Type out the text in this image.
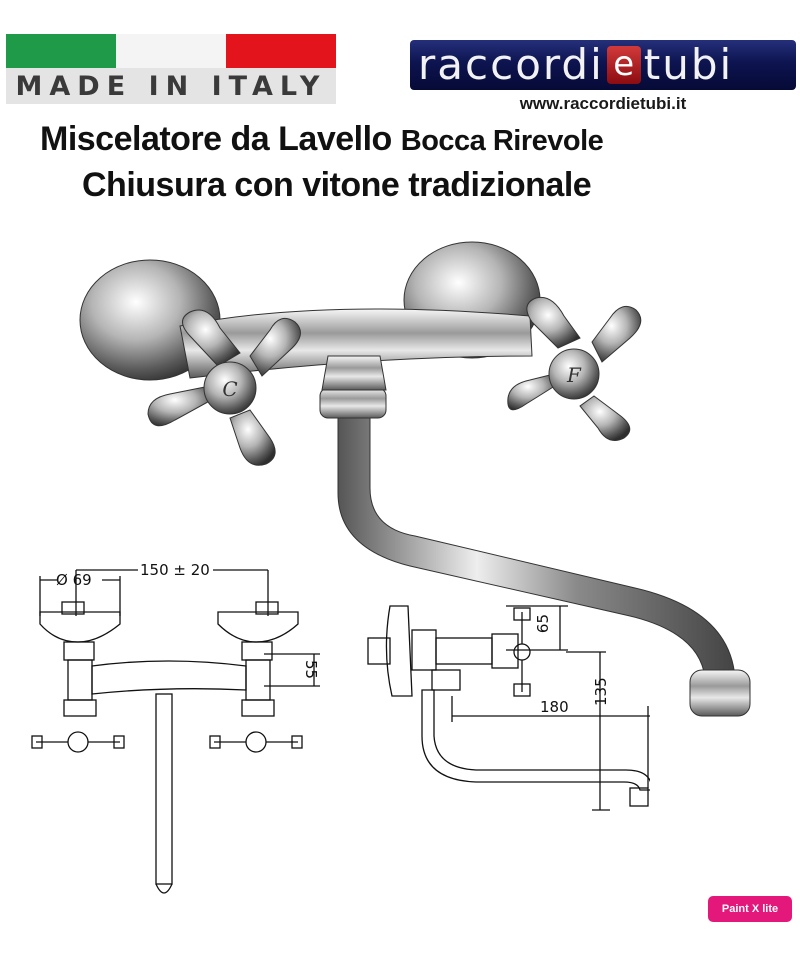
MADE IN ITALY raccordi e tubi
www.raccordietubi.it
Miscelatore da Lavello Bocca Rirevole
Chiusura con vitone tradizionale
C
F
Ø 69
150 ± 20
55
65
180
135
Paint X lite
